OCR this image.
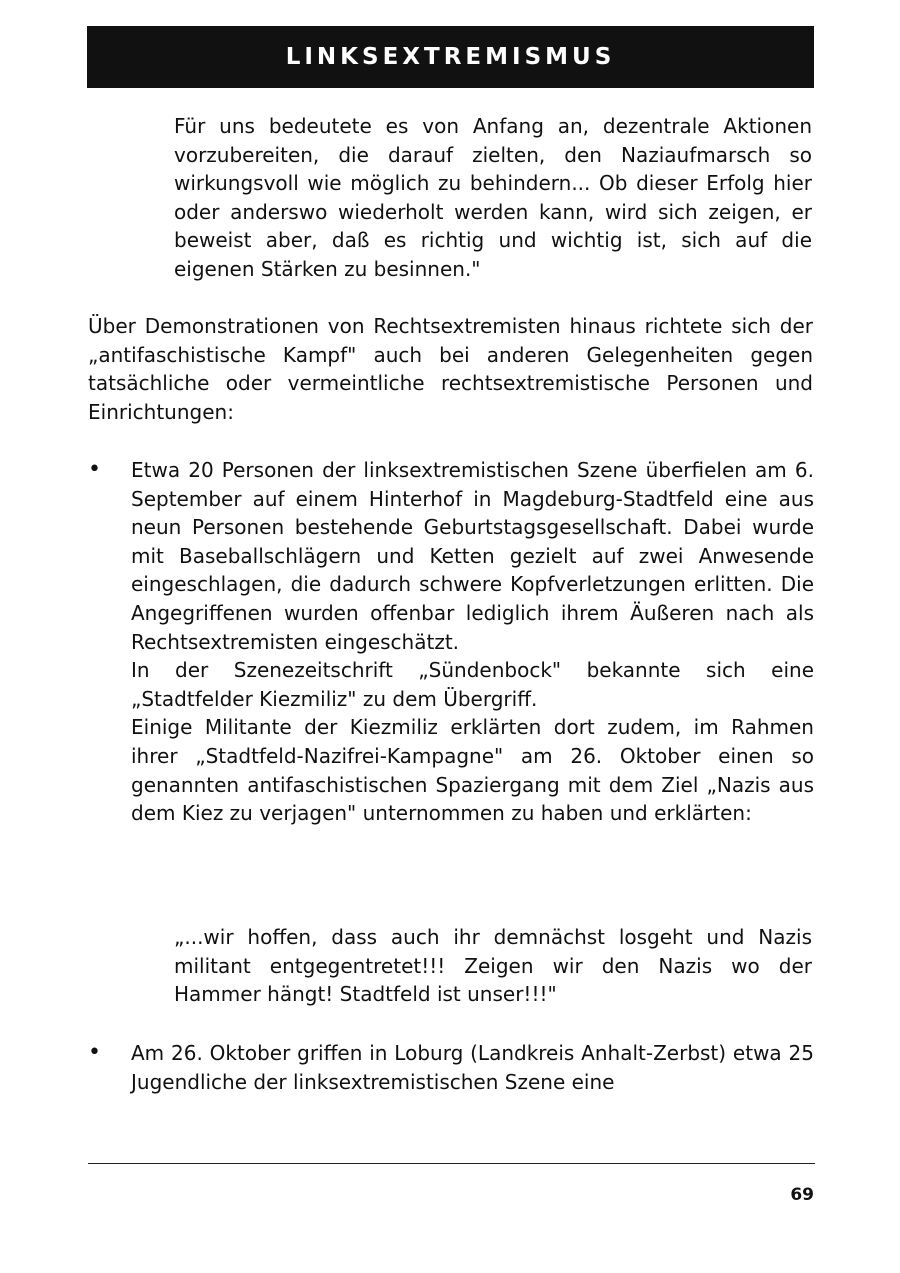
LINKSEXTREMISMUS

Für uns bedeutete es von Anfang an, dezentrale Aktionen vorzubereiten, die darauf zielten, den Naziaufmarsch so wirkungsvoll wie möglich zu behindern... Ob dieser Erfolg hier oder anderswo wiederholt werden kann, wird sich zeigen, er beweist aber, daß es richtig und wichtig ist, sich auf die eigenen Stärken zu besinnen."

Über Demonstrationen von Rechtsextremisten hinaus richtete sich der „antifaschistische Kampf" auch bei anderen Gelegenheiten gegen tatsächliche oder vermeintliche rechtsextremistische Personen und Einrichtungen:

• Etwa 20 Personen der linksextremistischen Szene überfielen am 6. September auf einem Hinterhof in Magdeburg-Stadtfeld eine aus neun Personen bestehende Geburtstagsgesellschaft. Dabei wurde mit Baseballschlägern und Ketten gezielt auf zwei Anwesende eingeschlagen, die dadurch schwere Kopfverletzungen erlitten. Die Angegriffenen wurden offenbar lediglich ihrem Äußeren nach als Rechtsextremisten eingeschätzt.
In der Szenezeitschrift „Sündenbock" bekannte sich eine „Stadtfelder Kiezmiliz" zu dem Übergriff.
Einige Militante der Kiezmiliz erklärten dort zudem, im Rahmen ihrer „Stadtfeld-Nazifrei-Kampagne" am 26. Oktober einen so genannten antifaschistischen Spaziergang mit dem Ziel „Nazis aus dem Kiez zu verjagen" unternommen zu haben und erklärten:

„...wir hoffen, dass auch ihr demnächst losgeht und Nazis militant entgegentretet!!! Zeigen wir den Nazis wo der Hammer hängt! Stadtfeld ist unser!!!"

• Am 26. Oktober griffen in Loburg (Landkreis Anhalt-Zerbst) etwa 25 Jugendliche der linksextremistischen Szene eine

69
